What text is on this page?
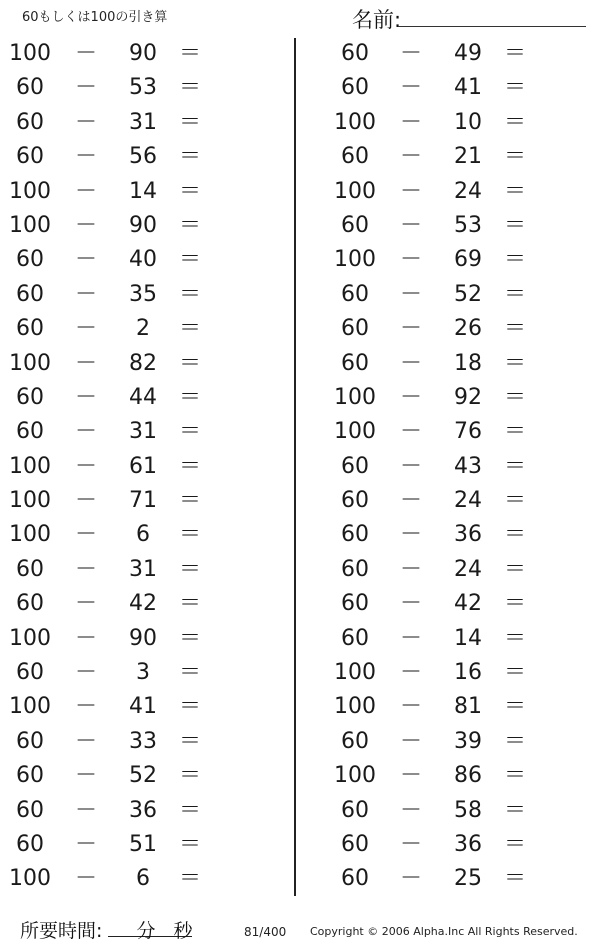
60もしくは100の引き算	名前:
100	－	90 ＝
60	－	53 ＝
60	－	31 ＝
60	－	56 ＝
100	－	14 ＝
100	－	90 ＝
60	－	40 ＝
60	－	35 ＝
60	－	2	＝
100	－	82 ＝
60	－	44 ＝
60	－	31 ＝
100	－	61 ＝
100	－	71 ＝
100	－	6	＝
60	－	31 ＝
60	－	42 ＝
100	－	90 ＝
60	－	3	＝
100	－	41 ＝
60	－	33 ＝
60	－	52 ＝
60	－	36 ＝
60	－	51 ＝
100	－	6	＝
60	－	49 ＝
60	－	41 ＝
100	－	10 ＝
60	－	21 ＝
100	－	24 ＝
60	－	53 ＝
100	－	69 ＝
60	－	52 ＝
60	－	26 ＝
60	－	18 ＝
100	－	92 ＝
100	－	76 ＝
60	－	43 ＝
60	－	24 ＝
60	－	36 ＝
60	－	24 ＝
60	－	42 ＝
60	－	14 ＝
100	－	16 ＝
100	－	81 ＝
60	－	39 ＝
100	－	86 ＝
60	－	58 ＝
60	－	36 ＝
60	－	25 ＝
所要時間: 分 秒	81/400 Copyright © 2006 Alpha.Inc All Rights Reserved.
